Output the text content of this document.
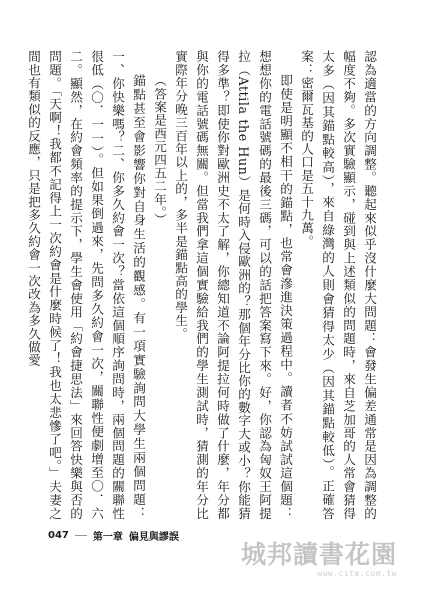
認為適當的方向調整。聽起來似乎沒什麼大問題：會發生偏差通常是因為調整的幅度不夠。多次實驗顯示，碰到與上述類似的問題時，來自芝加哥的人常會猜得太多（因其錨點較高），來自綠灣的人則會猜得太少（因其錨點較低）。正確答案：密爾瓦基的人口是五十九萬。

即使是明顯不相干的錨點，也常會滲進決策過程中。讀者不妨試試這個題：想想你的電話號碼的最後三碼，可以的話把答案寫下來。好，你認為匈奴王阿提拉（Attila the Hun）是何時入侵歐洲的？那個年分比你的數字大或小？你能猜得多準？即使你對歐洲史不太了解，你總知道不論阿提拉何時做了什麼，年分都與你的電話號碼無關。但當我們拿這個實驗給我們的學生測試時，猜測的年分比實際年分晚三百年以上的，多半是錨點高的學生。

（答案是西元四五二年。）

錨點甚至會影響你對自身生活的觀感。有一項實驗詢問大學生兩個問題：一、你快樂嗎？二、你多久約會一次？當依這個順序詢問時，兩個問題的關聯性很低（〇．一一）。但如果倒過來，先問多久約會一次，關聯性便劇增至〇．六二。顯然，在約會頻率的提示下，學生會使用「約會捷思法」來回答快樂與否的問題。「天啊！我都不記得上一次約會是什麼時候了！我也太悲慘了吧。」夫妻之間也有類似的反應，只是把多久約會一次改為多久做愛

047 第一章 偏見與謬誤
城邦讀書花園
www.cite.com.tw
